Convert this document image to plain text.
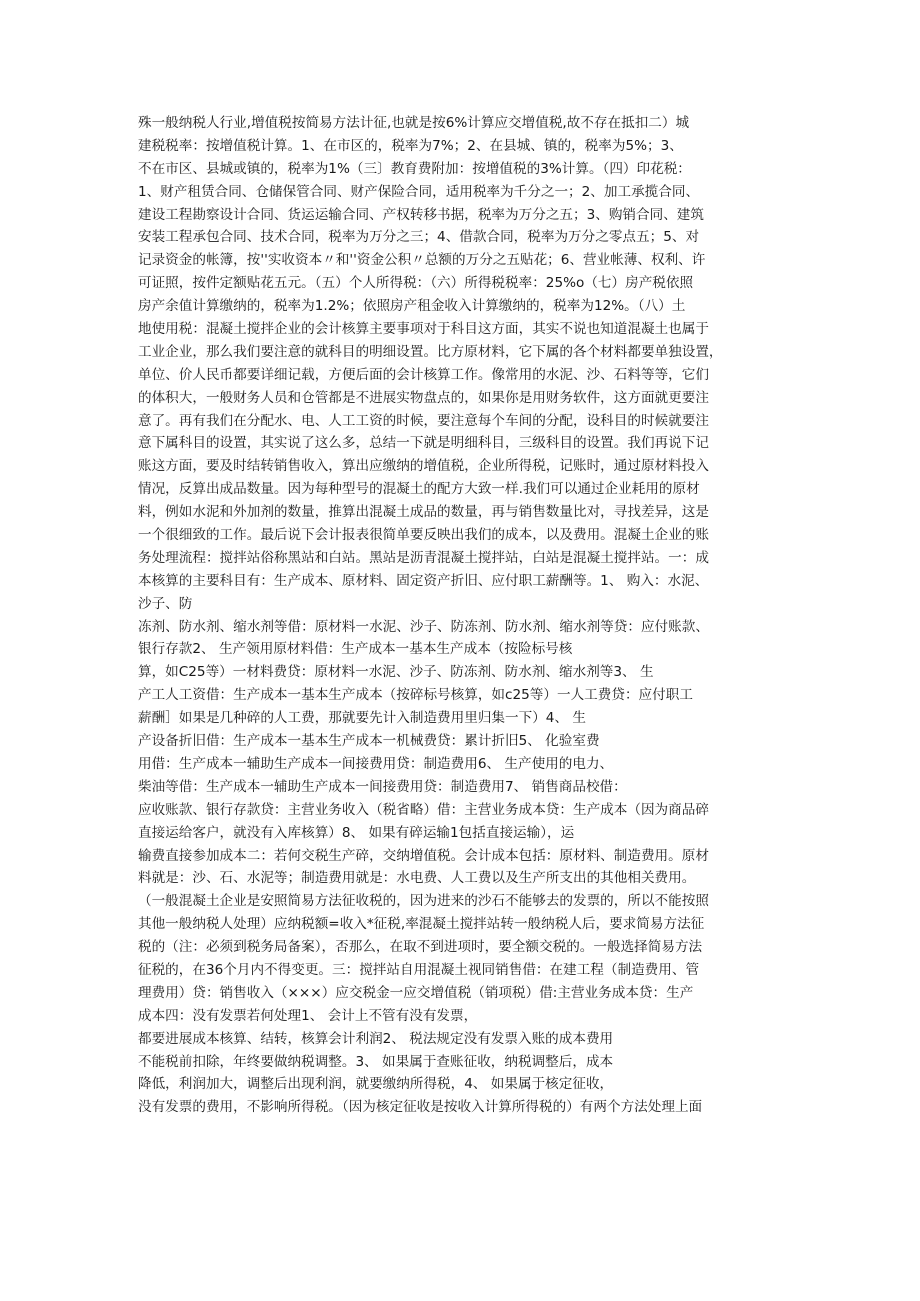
殊一般纳税人行业,增值税按简易方法计征,也就是按6%计算应交增值税,故不存在抵扣二）城
建税税率：按增值税计算。1、在市区的，税率为7%；2、在县城、镇的，税率为5%；3、
不在市区、县城或镇的，税率为1%（三〕教育费附加：按增值税的3%计算。（四）印花税：
1、财产租赁合同、仓储保管合同、财产保险合同，适用税率为千分之一；2、加工承揽合同、
建设工程勘察设计合同、货运运输合同、产权转移书据，税率为万分之五；3、购销合同、建筑
安装工程承包合同、技术合同，税率为万分之三；4、借款合同，税率为万分之零点五；5、对
记录资金的帐簿，按''实收资本〃和''资金公积〃总额的万分之五贴花；6、营业帐薄、权利、许
可证照，按件定额贴花五元。（五）个人所得税：（六）所得税税率：25%o（七）房产税依照
房产余值计算缴纳的，税率为1.2%；依照房产租金收入计算缴纳的，税率为12%。（八）土
地使用税：混凝土搅拌企业的会计核算主要事项对于科目这方面，其实不说也知道混凝土也属于
工业企业，那么我们要注意的就科目的明细设置。比方原材料，它下属的各个材料都要单独设置，
单位、价人民币都要详细记载，方便后面的会计核算工作。像常用的水泥、沙、石料等等，它们
的体积大，一般财务人员和仓管都是不进展实物盘点的，如果你是用财务软件，这方面就更要注
意了。再有我们在分配水、电、人工工资的时候，要注意每个车间的分配，设科目的时候就要注
意下属科目的设置，其实说了这么多，总结一下就是明细科目，三级科目的设置。我们再说下记
账这方面，要及时结转销售收入，算出应缴纳的增值税，企业所得税，记账时，通过原材料投入
情况，反算出成品数量。因为每种型号的混凝土的配方大致一样.我们可以通过企业耗用的原材
料，例如水泥和外加剂的数量，推算出混凝土成品的数量，再与销售数量比对，寻找差异，这是
一个很细致的工作。最后说下会计报表很简单要反映出我们的成本，以及费用。混凝土企业的账
务处理流程：搅拌站俗称黑站和白站。黑站是沥青混凝土搅拌站，白站是混凝土搅拌站。一：成
本核算的主要科目有：生产成本、原材料、固定资产折旧、应付职工薪酬等。1、 购入：水泥、
沙子、防
冻剂、防水剂、缩水剂等借：原材料一水泥、沙子、防冻剂、防水剂、缩水剂等贷：应付账款、
银行存款2、 生产领用原材料借：生产成本一基本生产成本（按险标号核
算，如C25等）一材料费贷：原材料一水泥、沙子、防冻剂、防水剂、缩水剂等3、 生
产工人工资借：生产成本一基本生产成本（按碎标号核算，如c25等）一人工费贷：应付职工
薪酬］如果是几种碎的人工费，那就要先计入制造费用里归集一下）4、 生
产设备折旧借：生产成本一基本生产成本一机械费贷：累计折旧5、 化验室费
用借：生产成本一辅助生产成本一间接费用贷：制造费用6、 生产使用的电力、
柴油等借：生产成本一辅助生产成本一间接费用贷：制造费用7、 销售商品校借：
应收账款、银行存款贷：主营业务收入（税省略）借：主营业务成本贷：生产成本（因为商品碎
直接运给客户，就没有入库核算）8、 如果有碎运输1包括直接运输），运
输费直接参加成本二：若何交税生产碎，交纳增值税。会计成本包括：原材料、制造费用。原材
料就是：沙、石、水泥等；制造费用就是：水电费、人工费以及生产所支出的其他相关费用。
（一般混凝土企业是安照简易方法征收税的，因为进来的沙石不能够去的发票的，所以不能按照
其他一般纳税人处理）应纳税额=收入*征税,率混凝土搅拌站转一般纳税人后，要求简易方法征
税的（注：必须到税务局备案），否那么，在取不到进项时，要全额交税的。一般选择简易方法
征税的，在36个月内不得变更。三：搅拌站自用混凝土视同销售借：在建工程（制造费用、管
理费用）贷：销售收入（×××）应交税金一应交增值税（销项税）借:主营业务成本贷：生产
成本四：没有发票若何处理1、 会计上不管有没有发票，
都要进展成本核算、结转，核算会计利润2、 税法规定没有发票入账的成本费用
不能税前扣除，年终要做纳税调整。3、 如果属于查账征收，纳税调整后，成本
降低，利润加大，调整后出现利润，就要缴纳所得税，4、 如果属于核定征收，
没有发票的费用，不影响所得税。（因为核定征收是按收入计算所得税的）有两个方法处理上面
